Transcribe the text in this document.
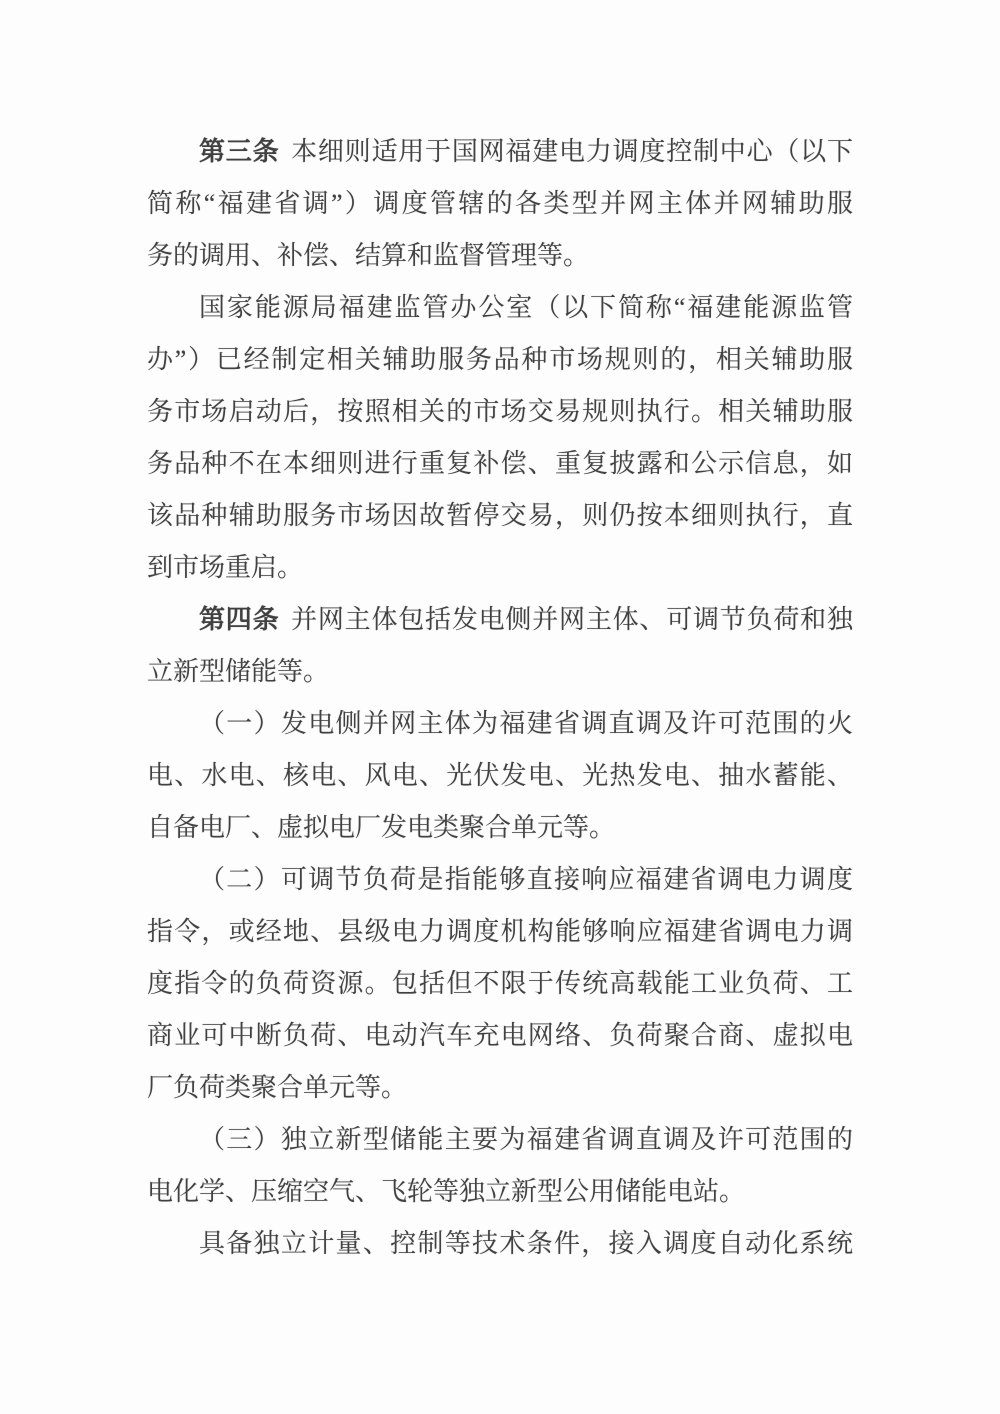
第三条 本细则适用于国网福建电力调度控制中心（以下
简称“福建省调”）调度管辖的各类型并网主体并网辅助服
务的调用、补偿、结算和监督管理等。
国家能源局福建监管办公室（以下简称“福建能源监管
办”）已经制定相关辅助服务品种市场规则的，相关辅助服
务市场启动后，按照相关的市场交易规则执行。相关辅助服
务品种不在本细则进行重复补偿、重复披露和公示信息，如
该品种辅助服务市场因故暂停交易，则仍按本细则执行，直
到市场重启。
第四条 并网主体包括发电侧并网主体、可调节负荷和独
立新型储能等。
（一）发电侧并网主体为福建省调直调及许可范围的火
电、水电、核电、风电、光伏发电、光热发电、抽水蓄能、
自备电厂、虚拟电厂发电类聚合单元等。
（二）可调节负荷是指能够直接响应福建省调电力调度
指令，或经地、县级电力调度机构能够响应福建省调电力调
度指令的负荷资源。包括但不限于传统高载能工业负荷、工
商业可中断负荷、电动汽车充电网络、负荷聚合商、虚拟电
厂负荷类聚合单元等。
（三）独立新型储能主要为福建省调直调及许可范围的
电化学、压缩空气、飞轮等独立新型公用储能电站。
具备独立计量、控制等技术条件，接入调度自动化系统
